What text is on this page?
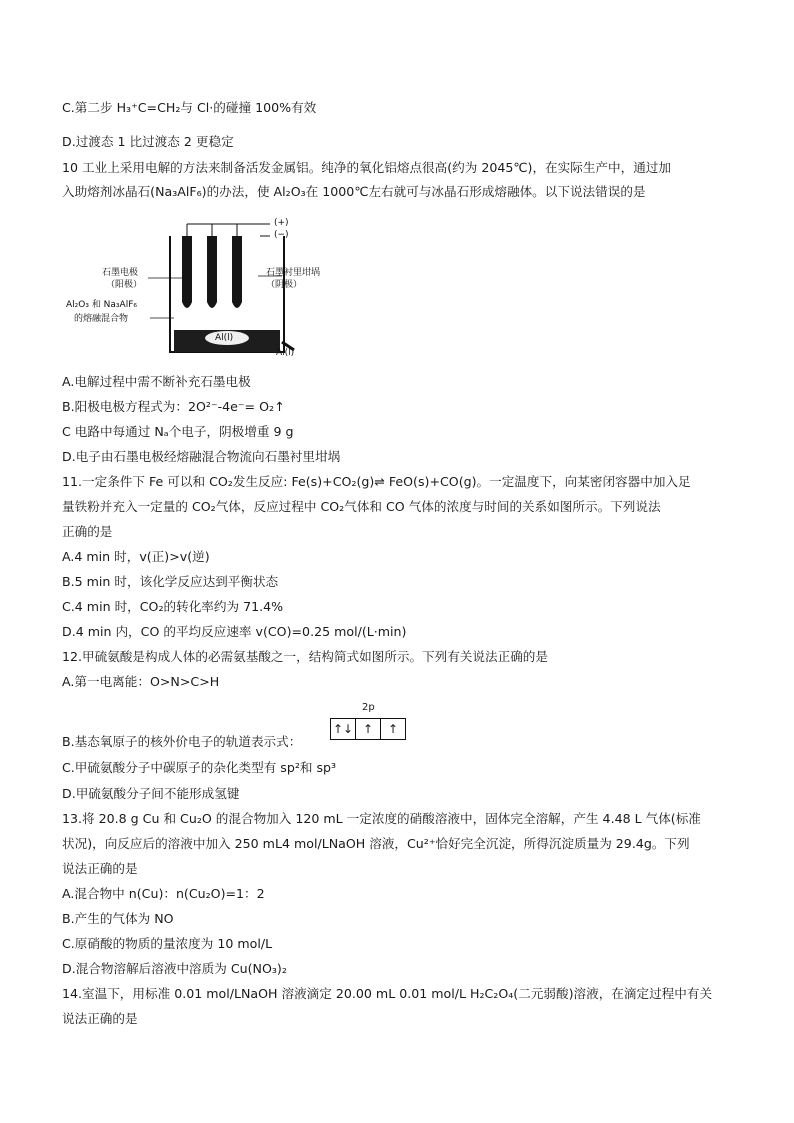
C.第二步 H₃⁺C=CH₂与 Cl·的碰撞 100%有效
D.过渡态 1 比过渡态 2 更稳定
10 工业上采用电解的方法来制备活发金属铝。纯净的氧化铝熔点很高(约为 2045℃)，在实际生产中，通过加
入助熔剂冰晶石(Na₃AlF₆)的办法，使 Al₂O₃在 1000℃左右就可与冰晶石形成熔融体。以下说法错误的是
(+)
(−)
石墨电极
（阳极）
石墨衬里坩埚
（阴极）
Al₂O₃ 和 Na₃AlF₆
的熔融混合物
Al(l)
Al(l)
A.电解过程中需不断补充石墨电极
B.阳极电极方程式为：2O²⁻-4e⁻= O₂↑
C 电路中每通过 Nₐ个电子，阴极增重 9 g
D.电子由石墨电极经熔融混合物流向石墨衬里坩埚
11.一定条件下 Fe 可以和 CO₂发生反应: Fe(s)+CO₂(g)⇌ FeO(s)+CO(g)。一定温度下，向某密闭容器中加入足
量铁粉并充入一定量的 CO₂气体，反应过程中 CO₂气体和 CO 气体的浓度与时间的关系如图所示。下列说法
正确的是
A.4 min 时，v(正)>v(逆)
B.5 min 时，该化学反应达到平衡状态
C.4 min 时，CO₂的转化率约为 71.4%
D.4 min 内，CO 的平均反应速率 v(CO)=0.25 mol/(L·min)
12.甲硫氨酸是构成人体的必需氨基酸之一，结构简式如图所示。下列有关说法正确的是
A.第一电离能：O>N>C>H
B.基态氧原子的核外价电子的轨道表示式：
2p
↑↓ ↑	↑
C.甲硫氨酸分子中碳原子的杂化类型有 sp²和 sp³
D.甲硫氨酸分子间不能形成氢键
13.将 20.8 g Cu 和 Cu₂O 的混合物加入 120 mL 一定浓度的硝酸溶液中，固体完全溶解，产生 4.48 L 气体(标准
状况)，向反应后的溶液中加入 250 mL4 mol/LNaOH 溶液，Cu²⁺恰好完全沉淀，所得沉淀质量为 29.4g。下列
说法正确的是
A.混合物中 n(Cu)：n(Cu₂O)=1：2
B.产生的气体为 NO
C.原硝酸的物质的量浓度为 10 mol/L
D.混合物溶解后溶液中溶质为 Cu(NO₃)₂
14.室温下，用标准 0.01 mol/LNaOH 溶液滴定 20.00 mL 0.01 mol/L H₂C₂O₄(二元弱酸)溶液，在滴定过程中有关
说法正确的是
